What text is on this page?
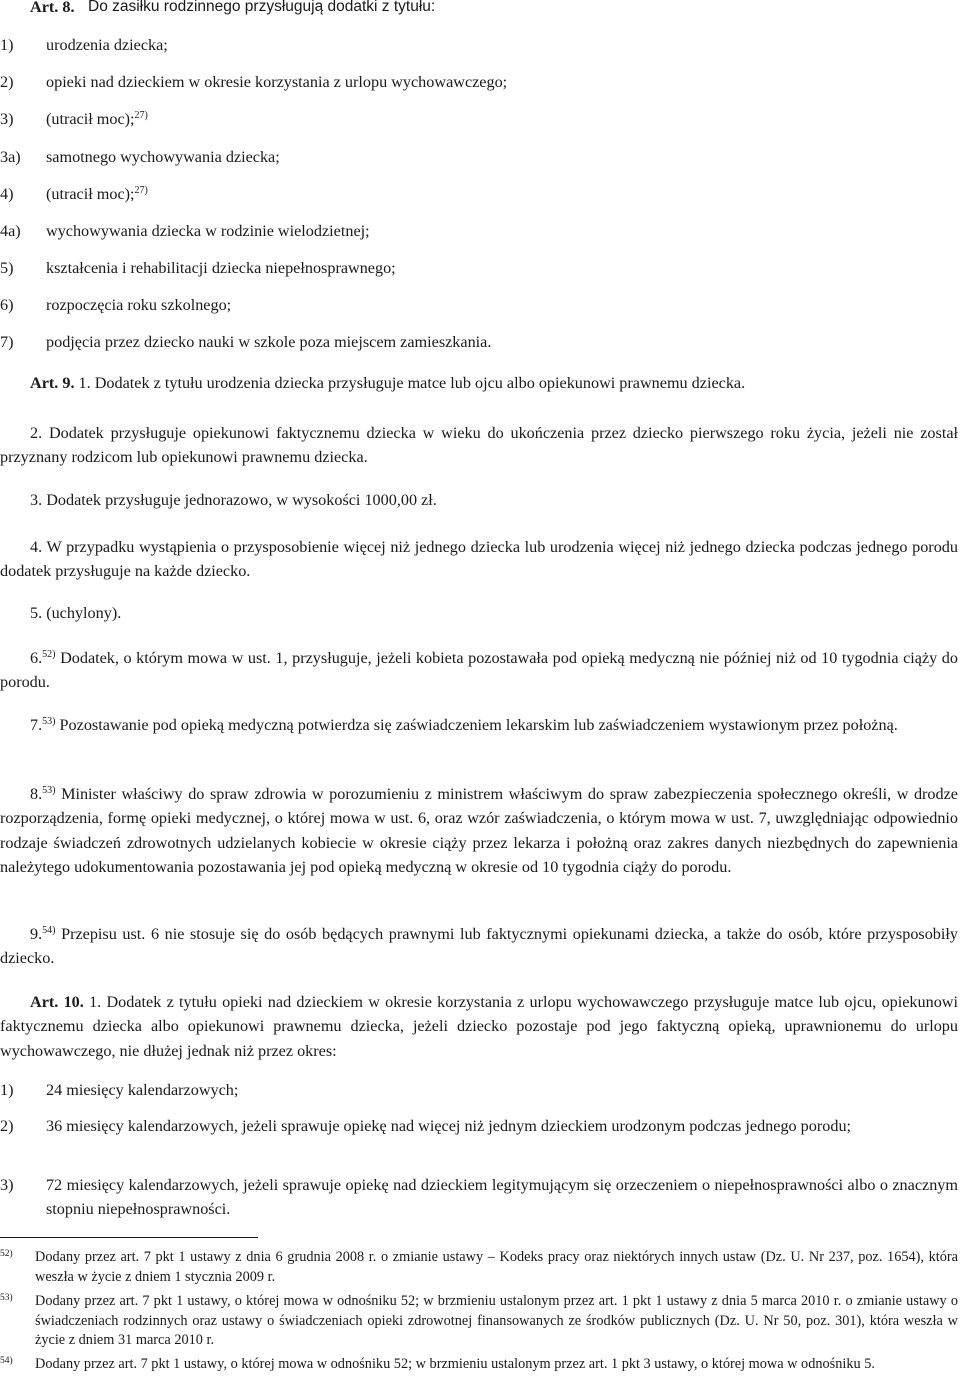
Art. 8. Do zasiłku rodzinnego przysługują dodatki z tytułu:
1) urodzenia dziecka;
2) opieki nad dzieckiem w okresie korzystania z urlopu wychowawczego;
3) (utracił moc);$^{27)}$
3a) samotnego wychowywania dziecka;
4) (utracił moc);$^{27)}$
4a) wychowywania dziecka w rodzinie wielodzietnej;
5) kształcenia i rehabilitacji dziecka niepełnosprawnego;
6) rozpoczęcia roku szkolnego;
7) podjęcia przez dziecko nauki w szkole poza miejscem zamieszkania.
Art. 9. 1. Dodatek z tytułu urodzenia dziecka przysługuje matce lub ojcu albo opiekunowi prawnemu dziecka.
2. Dodatek przysługuje opiekunowi faktycznemu dziecka w wieku do ukończenia przez dziecko pierwszego roku życia, jeżeli nie został przyznany rodzicom lub opiekunowi prawnemu dziecka.
3. Dodatek przysługuje jednorazowo, w wysokości 1000,00 zł.
4. W przypadku wystąpienia o przysposobienie więcej niż jednego dziecka lub urodzenia więcej niż jednego dziecka podczas jednego porodu dodatek przysługuje na każde dziecko.
5. (uchylony).
6.$^{52)}$ Dodatek, o którym mowa w ust. 1, przysługuje, jeżeli kobieta pozostawała pod opieką medyczną nie później niż od 10 tygodnia ciąży do porodu.
7.$^{53)}$ Pozostawanie pod opieką medyczną potwierdza się zaświadczeniem lekarskim lub zaświadczeniem wystawionym przez położną.
8.$^{53)}$ Minister właściwy do spraw zdrowia w porozumieniu z ministrem właściwym do spraw zabezpieczenia społecznego określi, w drodze rozporządzenia, formę opieki medycznej, o której mowa w ust. 6, oraz wzór zaświadczenia, o którym mowa w ust. 7, uwzględniając odpowiednio rodzaje świadczeń zdrowotnych udzielanych kobiecie w okresie ciąży przez lekarza i położną oraz zakres danych niezbędnych do zapewnienia należytego udokumentowania pozostawania jej pod opieką medyczną w okresie od 10 tygodnia ciąży do porodu.
9.$^{54)}$ Przepisu ust. 6 nie stosuje się do osób będących prawnymi lub faktycznymi opiekunami dziecka, a także do osób, które przysposobiły dziecko.
Art. 10. 1. Dodatek z tytułu opieki nad dzieckiem w okresie korzystania z urlopu wychowawczego przysługuje matce lub ojcu, opiekunowi faktycznemu dziecka albo opiekunowi prawnemu dziecka, jeżeli dziecko pozostaje pod jego faktyczną opieką, uprawnionemu do urlopu wychowawczego, nie dłużej jednak niż przez okres:
1) 24 miesięcy kalendarzowych;
2) 36 miesięcy kalendarzowych, jeżeli sprawuje opiekę nad więcej niż jednym dzieckiem urodzonym podczas jednego porodu;
3) 72 miesięcy kalendarzowych, jeżeli sprawuje opiekę nad dzieckiem legitymującym się orzeczeniem o niepełnosprawności albo o znacznym stopniu niepełnosprawności.
52) Dodany przez art. 7 pkt 1 ustawy z dnia 6 grudnia 2008 r. o zmianie ustawy – Kodeks pracy oraz niektórych innych ustaw (Dz. U. Nr 237, poz. 1654), która weszła w życie z dniem 1 stycznia 2009 r.
53) Dodany przez art. 7 pkt 1 ustawy, o której mowa w odnośniku 52; w brzmieniu ustalonym przez art. 1 pkt 1 ustawy z dnia 5 marca 2010 r. o zmianie ustawy o świadczeniach rodzinnych oraz ustawy o świadczeniach opieki zdrowotnej finansowanych ze środków publicznych (Dz. U. Nr 50, poz. 301), która weszła w życie z dniem 31 marca 2010 r.
54) Dodany przez art. 7 pkt 1 ustawy, o której mowa w odnośniku 52; w brzmieniu ustalonym przez art. 1 pkt 3 ustawy, o której mowa w odnośniku 5.
